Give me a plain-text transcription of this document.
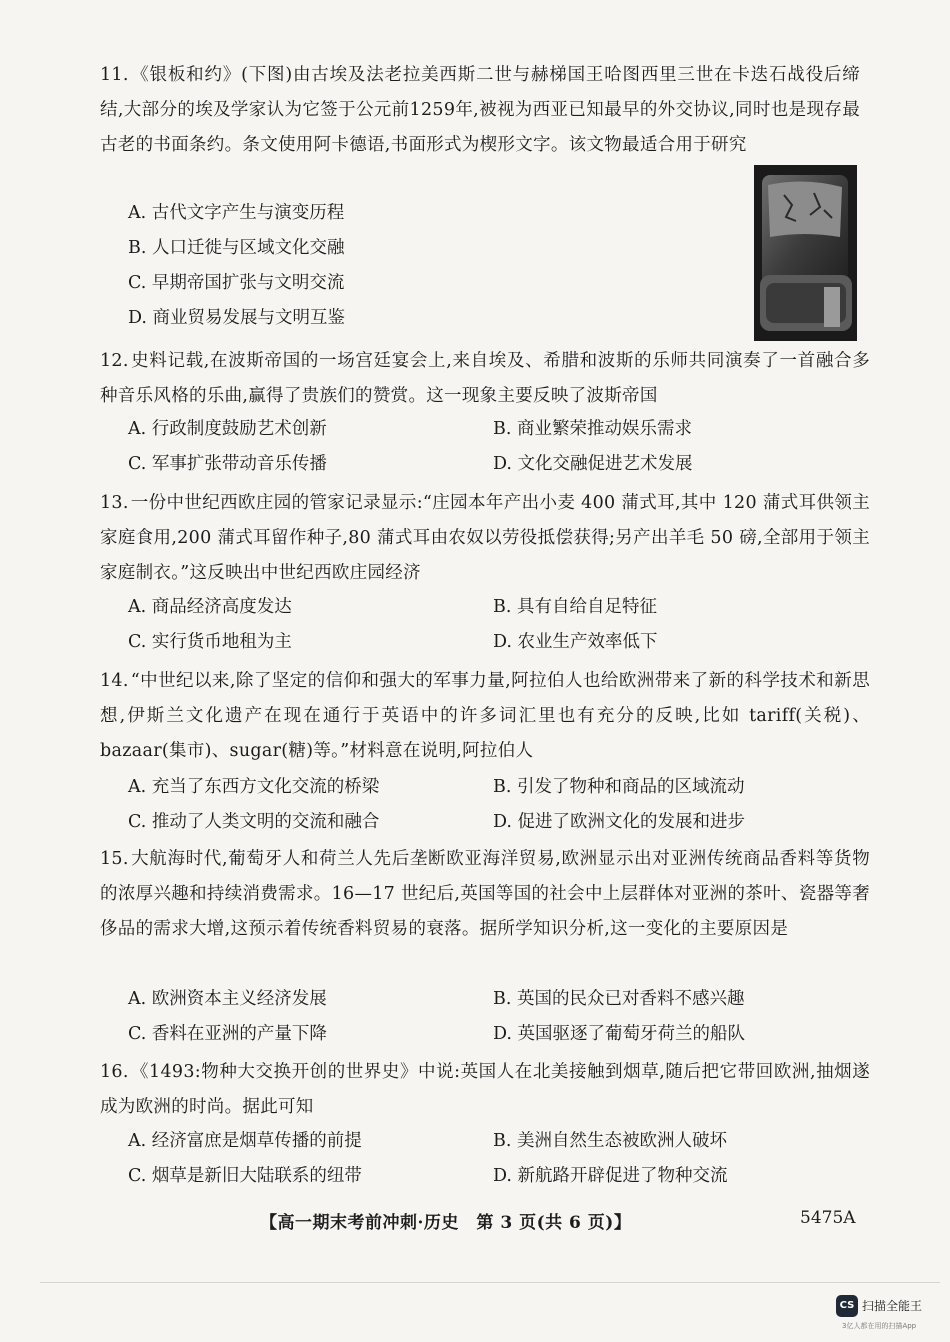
11. 《银板和约》(下图)由古埃及法老拉美西斯二世与赫梯国王哈图西里三世在卡迭石战役后缔结,大部分的埃及学家认为它签于公元前1259年,被视为西亚已知最早的外交协议,同时也是现存最古老的书面条约。条文使用阿卡德语,书面形式为楔形文字。该文物最适合用于研究

A. 古代文字产生与演变历程
B. 人口迁徙与区域文化交融
C. 早期帝国扩张与文明交流
D. 商业贸易发展与文明互鉴

12. 史料记载,在波斯帝国的一场宫廷宴会上,来自埃及、希腊和波斯的乐师共同演奏了一首融合多种音乐风格的乐曲,赢得了贵族们的赞赏。这一现象主要反映了波斯帝国

A. 行政制度鼓励艺术创新	B. 商业繁荣推动娱乐需求
C. 军事扩张带动音乐传播	D. 文化交融促进艺术发展

13. 一份中世纪西欧庄园的管家记录显示:“庄园本年产出小麦 400 蒲式耳,其中 120 蒲式耳供领主家庭食用,200 蒲式耳留作种子,80 蒲式耳由农奴以劳役抵偿获得;另产出羊毛 50 磅,全部用于领主家庭制衣。”这反映出中世纪西欧庄园经济

A. 商品经济高度发达	B. 具有自给自足特征
C. 实行货币地租为主	D. 农业生产效率低下

14. “中世纪以来,除了坚定的信仰和强大的军事力量,阿拉伯人也给欧洲带来了新的科学技术和新思想,伊斯兰文化遗产在现在通行于英语中的许多词汇里也有充分的反映,比如 tariff(关税)、bazaar(集市)、sugar(糖)等。”材料意在说明,阿拉伯人

A. 充当了东西方文化交流的桥梁	B. 引发了物种和商品的区域流动
C. 推动了人类文明的交流和融合	D. 促进了欧洲文化的发展和进步

15. 大航海时代,葡萄牙人和荷兰人先后垄断欧亚海洋贸易,欧洲显示出对亚洲传统商品香料等货物的浓厚兴趣和持续消费需求。16—17 世纪后,英国等国的社会中上层群体对亚洲的茶叶、瓷器等奢侈品的需求大增,这预示着传统香料贸易的衰落。据所学知识分析,这一变化的主要原因是

A. 欧洲资本主义经济发展	B. 英国的民众已对香料不感兴趣
C. 香料在亚洲的产量下降	D. 英国驱逐了葡萄牙荷兰的船队

16. 《1493:物种大交换开创的世界史》中说:英国人在北美接触到烟草,随后把它带回欧洲,抽烟遂成为欧洲的时尚。据此可知

A. 经济富庶是烟草传播的前提	B. 美洲自然生态被欧洲人破坏
C. 烟草是新旧大陆联系的纽带	D. 新航路开辟促进了物种交流
【高一期末考前冲刺·历史　第 3 页(共 6 页)】	5475A
CS 扫描全能王
3亿人都在用的扫描App
